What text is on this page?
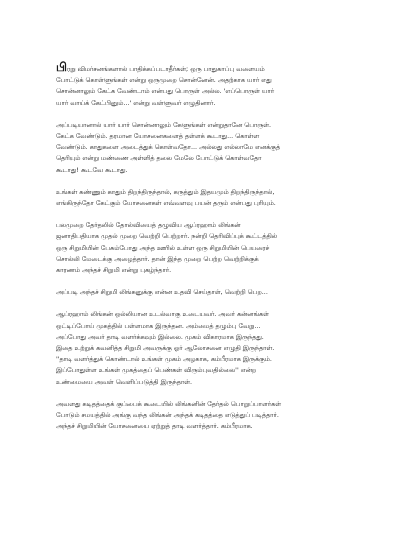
பிரறு விமர்சனங்களால் பாதிக்கப்படாதீர்கள்; ஒரு பாதுகாப்பு வளையம்
போட்டுக் கொள்ளுங்கள் என்று ஒருமுறை சொன்னேன். அதற்காக யார் எது
சொன்னாலும் கேட்க வேண்டாம் என்பது பொருள் அல்ல. 'எப்பொருள் யார்
யார் வாய்க் கேட்பினும்...' என்று வள்ளுவர் எழுதினார்.

அப்படியானால் யார் யார் சொன்னாலும் கேளுங்கள் என்றுதானே பொருள்.
கேட்க வேண்டும். தரமான யோசனைகளைத் தள்ளக் கூடாது... கொள்ள
வேண்டும். காதுகளை அடைத்துக் கொள்வதோ... அல்லது எல்லாமே எனக்குத்
தெரியும் என்று மண்ணை அள்ளித் தலை மேலே போட்டுக் கொள்வதோ
கூடாது! கூடவே கூடாது.

உங்கள் கண்ணும் காதும் திறந்திருந்தால், கருத்தும் இதயமும் திறந்திருந்தால்,
எங்கிருந்தோ கேட்கும் யோசனைகள் எவ்வளவு பயன் தரும் என்பது புரியும்.

பலமுறை தேர்தலில் தோல்வியைத் தழுவிய ஆப்ரஹாம் லிங்கன்
ஜனாதிபதியாக முதல் முறை வெற்றி பெற்றார். நன்றி தெரிவிப்புக் கூட்டத்தில்
ஒரு சிறுமியின் பேசும்போது அந்த ஊரில் உள்ள ஒரு சிறுமியின் பெயரைச்
சொல்லி மேடைக்கு அழைத்தார். தான் இந்த முறை பெற்ற வெற்றிக்குக்
காரணம் அந்தச் சிறுமி என்று புகழ்ந்தார்.

அப்படி அந்தச் சிறுமி லிங்கனுக்கு என்ன உதவி செய்தாள், வெற்றி பெற...

ஆப்ரஹாம் லிங்கன் ஒல்லியான உடல்வாகு உடையவர். அவர் கன்னங்கள்
ஒட்டிப்போய் முகத்தில் பள்ளமாக இருந்தன. அம்மைத் தழும்பு வேறு...
அப்போது அவர் தாடி வளர்க்கவும் இல்லை. முகம் விகாரமாக இருந்தது.
இதை உற்றுக் கவனித்த சிறுமி அவருக்கு ஓர் ஆலோசனை எழுதி இருந்தாள்.
''தாடி வளர்த்துக் கொண்டால் உங்கள் முகம் அழகாக, கம்பீரமாக இருக்கும்.
இப்போதுள்ள உங்கள் முகத்தைப் பெண்கள் விரும்புவதில்லை'' என்ற
உண்மையை அவள் வெளிப்படுத்தி இருந்தாள்.

அவளது கடிதத்தைக் குப்பைக் கூடையில் லிங்கனின் தேர்தல் பொறுப்பாளர்கள்
போடும் சமயத்தில் அங்கு வந்த லிங்கன் அந்தக் கடிதத்தை எடுத்துப் படித்தார்.
அந்தச் சிறுமியின் யோசனையை ஏற்றுத் தாடி வளர்த்தார். கம்பீரமாக.
